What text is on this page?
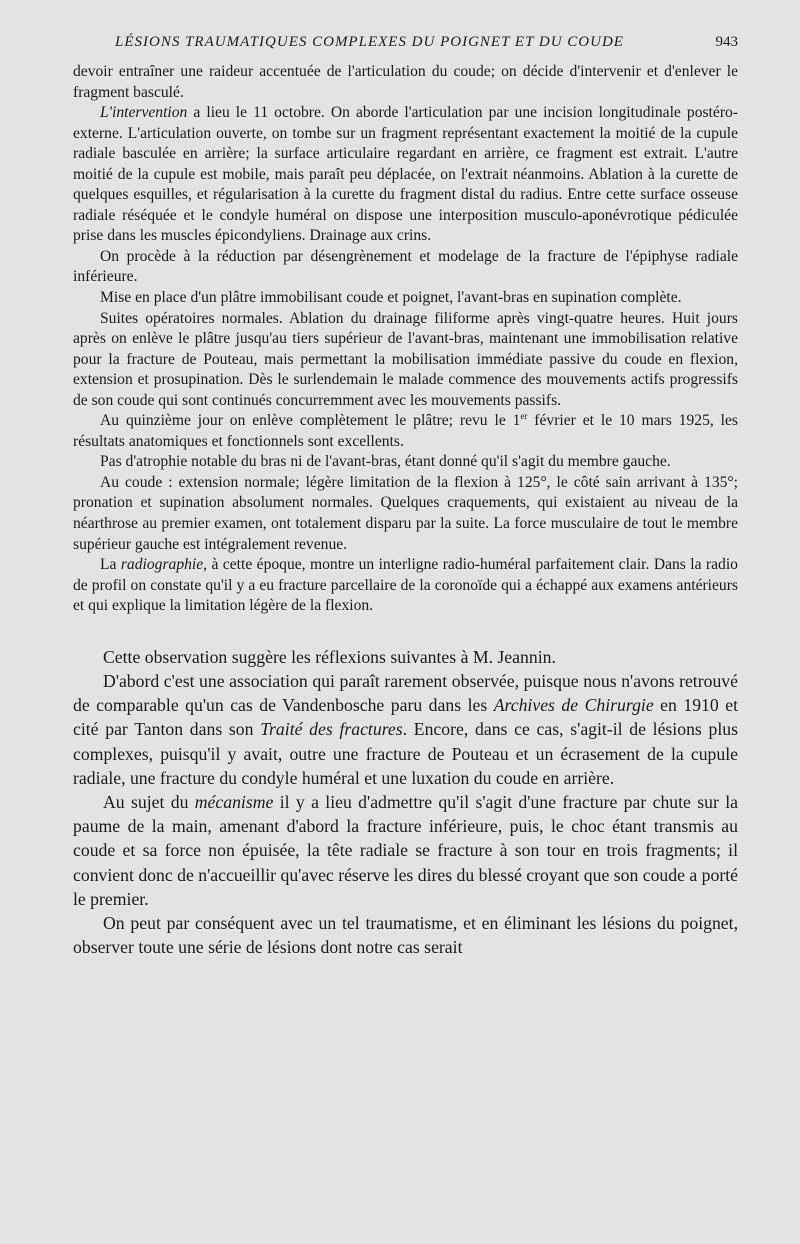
LÉSIONS TRAUMATIQUES COMPLEXES DU POIGNET ET DU COUDE	943

devoir entraîner une raideur accentuée de l'articulation du coude; on décide d'intervenir et d'enlever le fragment basculé.

L'intervention a lieu le 11 octobre. On aborde l'articulation par une incision longitudinale postéro-externe. L'articulation ouverte, on tombe sur un fragment représentant exactement la moitié de la cupule radiale basculée en arrière; la surface articulaire regardant en arrière, ce fragment est extrait. L'autre moitié de la cupule est mobile, mais paraît peu déplacée, on l'extrait néanmoins. Ablation à la curette de quelques esquilles, et régularisation à la curette du fragment distal du radius. Entre cette surface osseuse radiale réséquée et le condyle huméral on dispose une interposition musculo-aponévrotique pédiculée prise dans les muscles épicondyliens. Drainage aux crins.

On procède à la réduction par désengrènement et modelage de la fracture de l'épiphyse radiale inférieure.

Mise en place d'un plâtre immobilisant coude et poignet, l'avant-bras en supination complète.

Suites opératoires normales. Ablation du drainage filiforme après vingt-quatre heures. Huit jours après on enlève le plâtre jusqu'au tiers supérieur de l'avant-bras, maintenant une immobilisation relative pour la fracture de Pouteau, mais permettant la mobilisation immédiate passive du coude en flexion, extension et prosupination. Dès le surlendemain le malade commence des mouvements actifs progressifs de son coude qui sont continués concurremment avec les mouvements passifs.

Au quinzième jour on enlève complètement le plâtre; revu le 1er février et le 10 mars 1925, les résultats anatomiques et fonctionnels sont excellents.

Pas d'atrophie notable du bras ni de l'avant-bras, étant donné qu'il s'agit du membre gauche.

Au coude : extension normale; légère limitation de la flexion à 125°, le côté sain arrivant à 135°; pronation et supination absolument normales. Quelques craquements, qui existaient au niveau de la néarthrose au premier examen, ont totalement disparu par la suite. La force musculaire de tout le membre supérieur gauche est intégralement revenue.

La radiographie, à cette époque, montre un interligne radio-huméral parfaitement clair. Dans la radio de profil on constate qu'il y a eu fracture parcellaire de la coronoïde qui a échappé aux examens antérieurs et qui explique la limitation légère de la flexion.

Cette observation suggère les réflexions suivantes à M. Jeannin.

D'abord c'est une association qui paraît rarement observée, puisque nous n'avons retrouvé de comparable qu'un cas de Vandenbosche paru dans les Archives de Chirurgie en 1910 et cité par Tanton dans son Traité des fractures. Encore, dans ce cas, s'agit-il de lésions plus complexes, puisqu'il y avait, outre une fracture de Pouteau et un écrasement de la cupule radiale, une fracture du condyle huméral et une luxation du coude en arrière.

Au sujet du mécanisme il y a lieu d'admettre qu'il s'agit d'une fracture par chute sur la paume de la main, amenant d'abord la fracture inférieure, puis, le choc étant transmis au coude et sa force non épuisée, la tête radiale se fracture à son tour en trois fragments; il convient donc de n'accueillir qu'avec réserve les dires du blessé croyant que son coude a porté le premier.

On peut par conséquent avec un tel traumatisme, et en éliminant les lésions du poignet, observer toute une série de lésions dont notre cas serait
